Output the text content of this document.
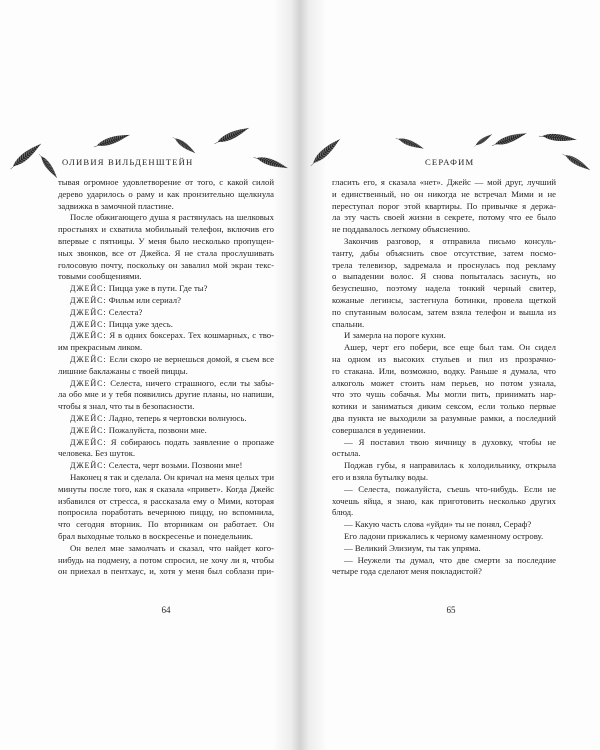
ОЛИВИЯ ВИЛЬДЕНШТЕЙН
тывая огромное удовлетворение от того, с какой силой
дерево ударилось о раму и как пронзительно щелкнула
задвижка в замочной пластине.
После обжигающего душа я растянулась на шелковых
простынях и схватила мобильный телефон, включив его
впервые с пятницы. У меня было несколько пропущен-
ных звонков, все от Джейса. Я не стала прослушивать
голосовую почту, поскольку он завалил мой экран текс-
товыми сообщениями.
ДЖЕЙС: Пицца уже в пути. Где ты?
ДЖЕЙС: Фильм или сериал?
ДЖЕЙС: Селеста?
ДЖЕЙС: Пицца уже здесь.
ДЖЕЙС: Я в одних боксерах. Тех кошмарных, с тво-
им прекрасным ликом.
ДЖЕЙС: Если скоро не вернешься домой, я съем все
лишние баклажаны с твоей пиццы.
ДЖЕЙС: Селеста, ничего страшного, если ты забы-
ла обо мне и у тебя появились другие планы, но напиши,
чтобы я знал, что ты в безопасности.
ДЖЕЙС: Ладно, теперь я чертовски волнуюсь.
ДЖЕЙС: Пожалуйста, позвони мне.
ДЖЕЙС: Я собираюсь подать заявление о пропаже
человека. Без шуток.
ДЖЕЙС: Селеста, черт возьми. Позвони мне!
Наконец я так и сделала. Он кричал на меня целых три
минуты после того, как я сказала «привет». Когда Джейс
избавился от стресса, я рассказала ему о Мими, которая
попросила поработать вечернюю пиццу, но вспомнила,
что сегодня вторник. По вторникам он работает. Он
брал выходные только в воскресенье и понедельник.
Он велел мне замолчать и сказал, что найдет кого-
нибудь на подмену, а потом спросил, не хочу ли я, чтобы
он приехал в пентхаус, и, хотя у меня был соблазн при-
64
СЕРАФИМ
гласить его, я сказала «нет». Джейс — мой друг, лучший
и единственный, но он никогда не встречал Мими и не
переступал порог этой квартиры. По привычке я держа-
ла эту часть своей жизни в секрете, потому что ее было
не поддавалось легкому объяснению.
Закончив разговор, я отправила письмо консуль-
танту, дабы объяснить свое отсутствие, затем посмо-
трела телевизор, задремала и проснулась под рекламу
о выпадении волос. Я снова попыталась заснуть, но
безуспешно, поэтому надела тонкий черный свитер,
кожаные легинсы, застегнула ботинки, провела щеткой
по спутанным волосам, затем взяла телефон и вышла из
спальни.
И замерла на пороге кухни.
Ашер, черт его побери, все еще был там. Он сидел
на одном из высоких стульев и пил из прозрачно-
го стакана. Или, возможно, водку. Раньше я думала, что
алкоголь может стоить нам перьев, но потом узнала,
что это чушь собачья. Мы могли пить, принимать нар-
котики и заниматься диким сексом, если только первые
два пункта не выходили за разумные рамки, а последний
совершался в уединении.
— Я поставил твою яичницу в духовку, чтобы не
остыла.
Поджав губы, я направилась к холодильнику, открыла
его и взяла бутылку воды.
— Селеста, пожалуйста, съешь что-нибудь. Если не
хочешь яйца, я знаю, как приготовить несколько других
блюд.
— Какую часть слова «уйди» ты не понял, Сераф?
Его ладони прижались к черному каменному острову.
— Великий Элизиум, ты так упряма.
— Неужели ты думал, что две смерти за последние
четыре года сделают меня покладистой?
65
